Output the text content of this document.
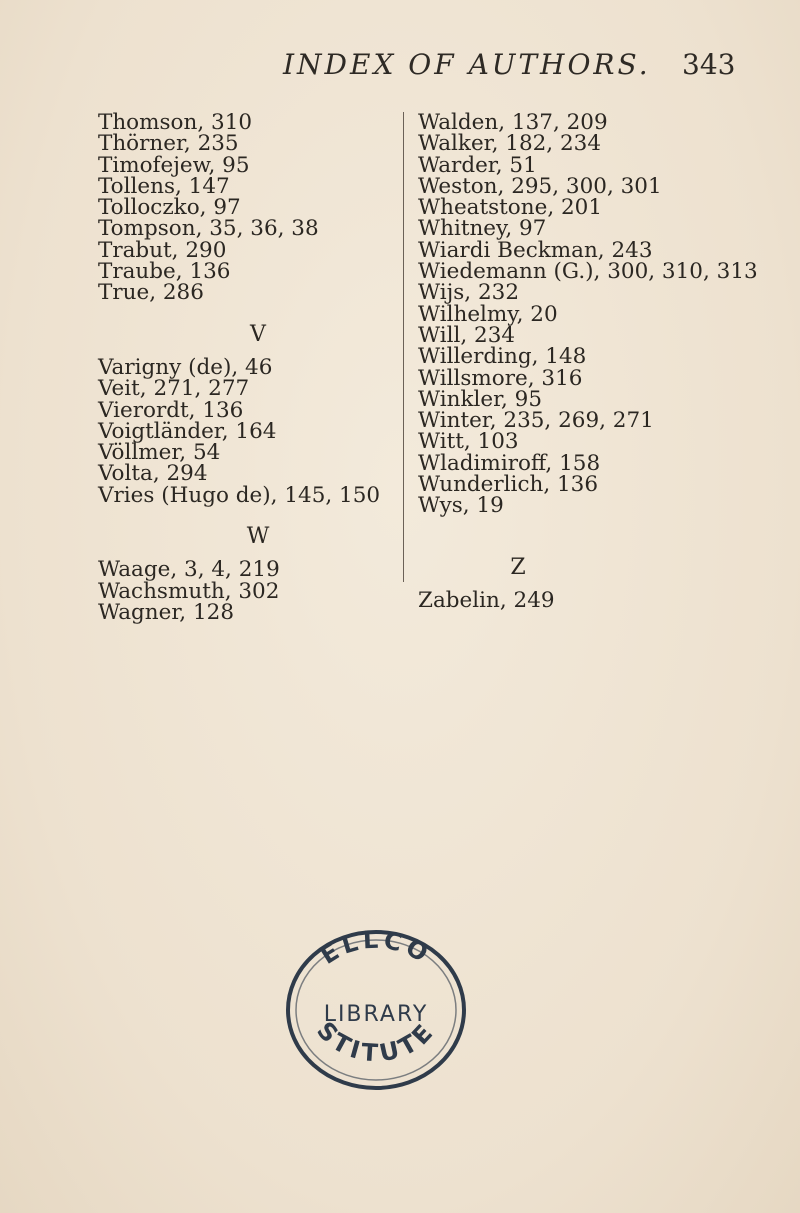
INDEX OF AUTHORS. 343
Thomson, 310
Thörner, 235
Timofejew, 95
Tollens, 147
Tolloczko, 97
Tompson, 35, 36, 38
Trabut, 290
Traube, 136
True, 286
V
Varigny (de), 46
Veit, 271, 277
Vierordt, 136
Voigtländer, 164
Völlmer, 54
Volta, 294
Vries (Hugo de), 145, 150
W
Waage, 3, 4, 219
Wachsmuth, 302
Wagner, 128
Walden, 137, 209
Walker, 182, 234
Warder, 51
Weston, 295, 300, 301
Wheatstone, 201
Whitney, 97
Wiardi Beckman, 243
Wiedemann (G.), 300, 310, 313
Wijs, 232
Wilhelmy, 20
Will, 234
Willerding, 148
Willsmore, 316
Winkler, 95
Winter, 235, 269, 271
Witt, 103
Wladimiroff, 158
Wunderlich, 136
Wys, 19
Z
Zabelin, 249
ELLCO
LIBRARY
STITUTE
